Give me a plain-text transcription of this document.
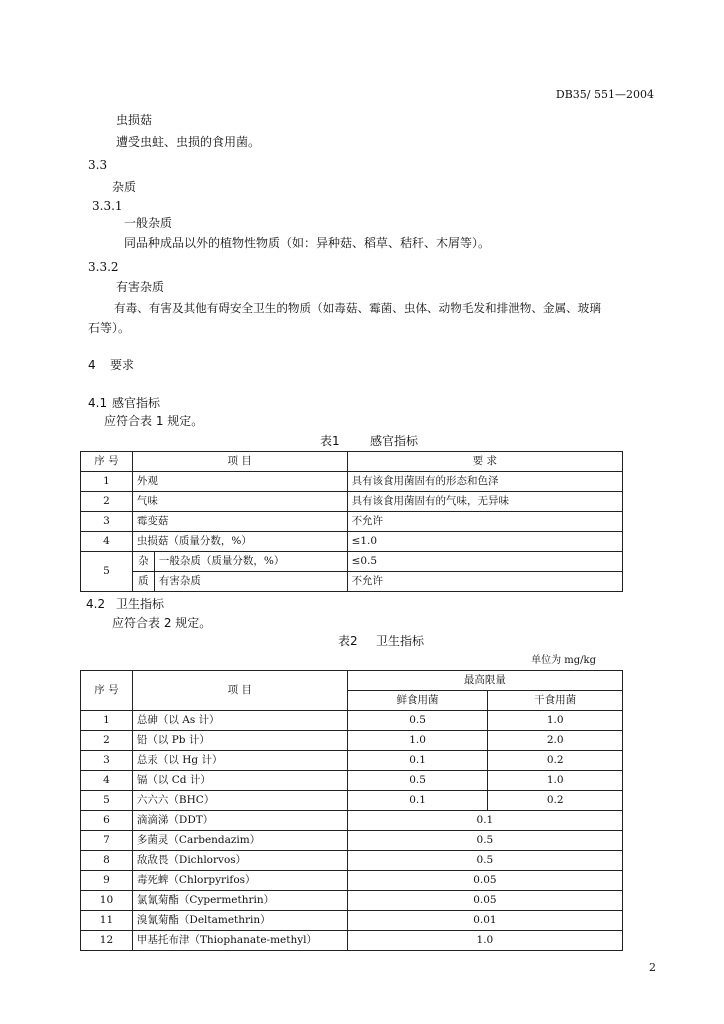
DB35/ 551—2004
虫损菇
遭受虫蛀、虫损的食用菌。
3.3
杂质
3.3.1
一般杂质
同品种成品以外的植物性物质（如：异种菇、稻草、秸秆、木屑等）。
3.3.2
有害杂质
有毒、有害及其他有碍安全卫生的物质（如毒菇、霉菌、虫体、动物毛发和排泄物、金属、玻璃
石等）。
4 要求
4.1 感官指标
应符合表 1 规定。
表1	感官指标
序 号	项 目		要 求
1	外观		具有该食用菌固有的形态和色泽
2	气味		具有该食用菌固有的气味，无异味
3	霉变菇		不允许
4	虫损菇（质量分数，%）		≤1.0
5	杂	一般杂质（质量分数，%）	≤0.5
	质	有害杂质	不允许
4.2 卫生指标
应符合表 2 规定。
表2 卫生指标
单位为 mg/kg
序 号	项 目	最高限量	
		鲜食用菌	干食用菌
1	总砷（以 As 计）	0.5	1.0
2	铅（以 Pb 计）	1.0	2.0
3	总汞（以 Hg 计）	0.1	0.2
4	镉（以 Cd 计）	0.5	1.0
5	六六六（BHC）	0.1	0.2
6	滴滴涕（DDT）	0.1	
7	多菌灵（Carbendazim）	0.5	
8	敌敌畏（Dichlorvos）	0.5	
9	毒死蜱（Chlorpyrifos）	0.05	
10	氯氰菊酯（Cypermethrin）	0.05	
11	溴氰菊酯（Deltamethrin）	0.01	
12	甲基托布津（Thiophanate-methyl）	1.0	
2
